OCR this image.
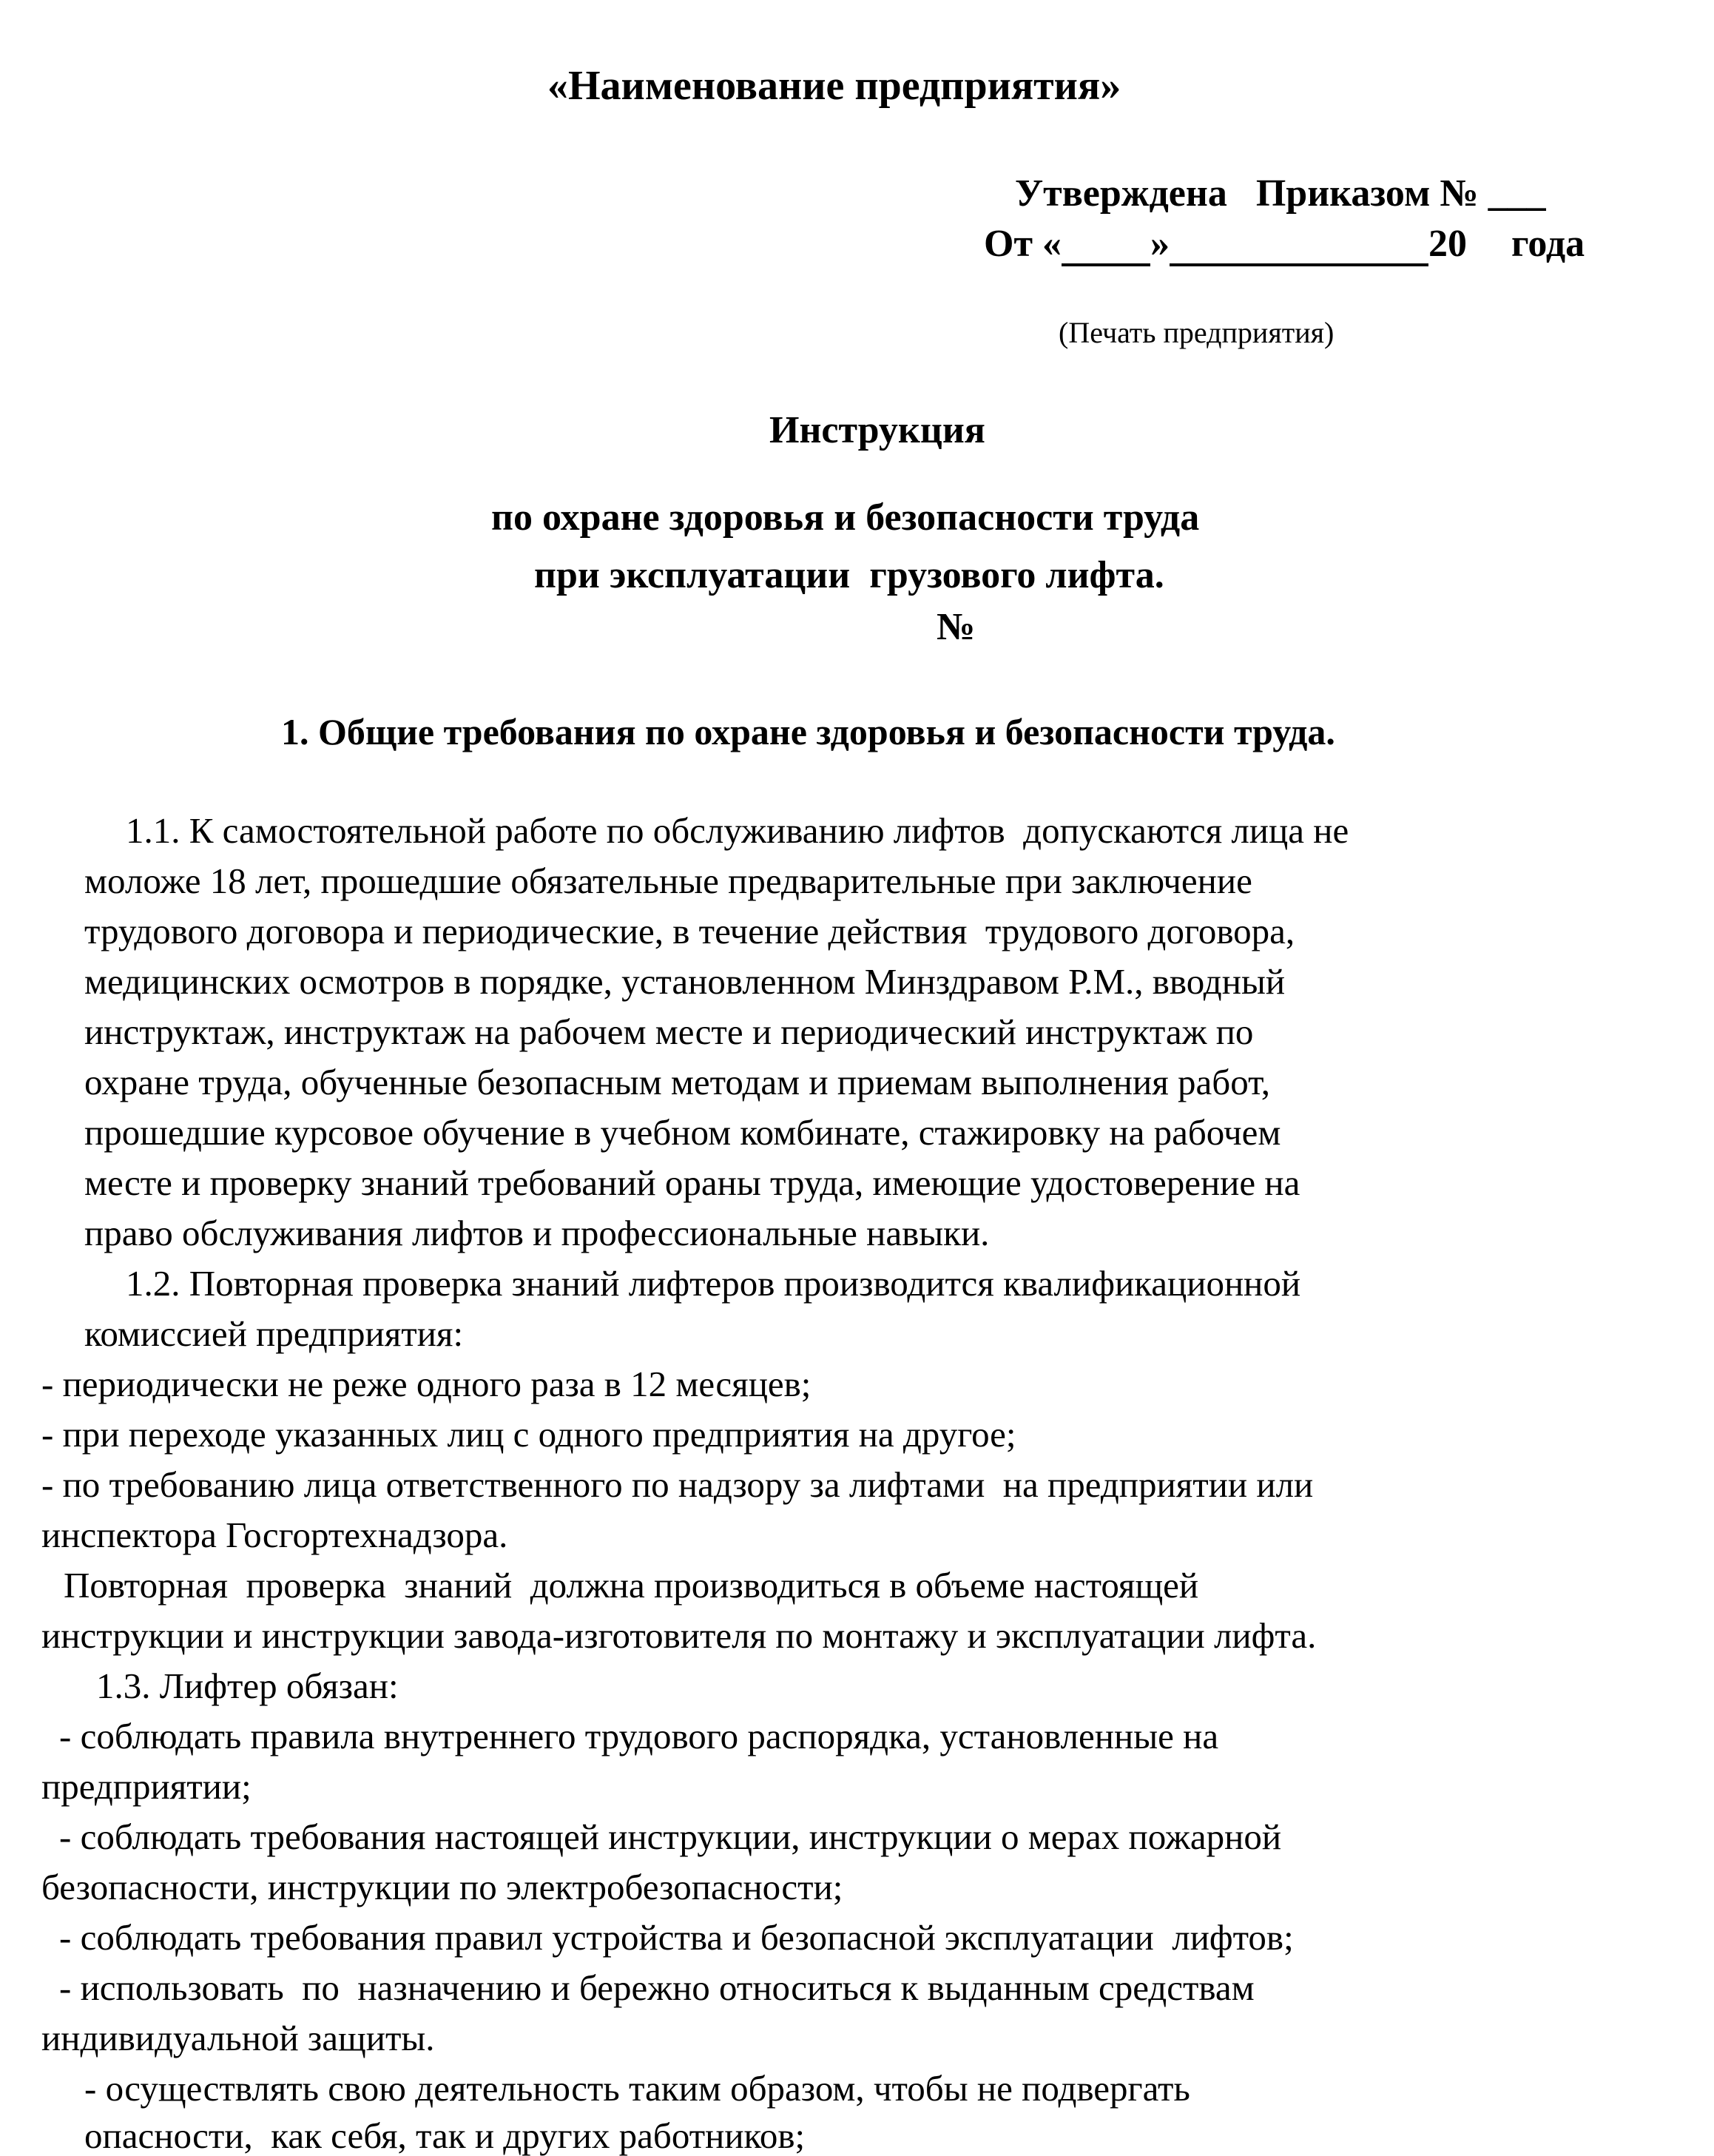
«Наименование предприятия»
Утверждена   Приказом № ___
От « »	20 года
(Печать предприятия)
Инструкция
по охране здоровья и безопасности труда
при эксплуатации  грузового лифта.
№
1. Общие требования по охране здоровья и безопасности труда.
1.1. К самостоятельной работе по обслуживанию лифтов  допускаются лица не
моложе 18 лет, прошедшие обязательные предварительные при заключение
трудового договора и периодические, в течение действия  трудового договора,
медицинских осмотров в порядке, установленном Минздравом Р.М., вводный
инструктаж, инструктаж на рабочем месте и периодический инструктаж по
охране труда, обученные безопасным методам и приемам выполнения работ,
прошедшие курсовое обучение в учебном комбинате, стажировку на рабочем
месте и проверку знаний требований ораны труда, имеющие удостоверение на
право обслуживания лифтов и профессиональные навыки.
1.2. Повторная проверка знаний лифтеров производится квалификационной
комиссией предприятия:
- периодически не реже одного раза в 12 месяцев;
- при переходе указанных лиц с одного предприятия на другое;
- по требованию лица ответственного по надзору за лифтами  на предприятии или
инспектора Госгортехнадзора.
Повторная  проверка  знаний  должна производиться в объеме настоящей
инструкции и инструкции завода-изготовителя по монтажу и эксплуатации лифта.
1.3. Лифтер обязан:
- соблюдать правила внутреннего трудового распорядка, установленные на
предприятии;
- соблюдать требования настоящей инструкции, инструкции о мерах пожарной
безопасности, инструкции по электробезопасности;
- соблюдать требования правил устройства и безопасной эксплуатации  лифтов;
- использовать  по  назначению и бережно относиться к выданным средствам
индивидуальной защиты.
- осуществлять свою деятельность таким образом, чтобы не подвергать
опасности,  как себя, так и других работников;
